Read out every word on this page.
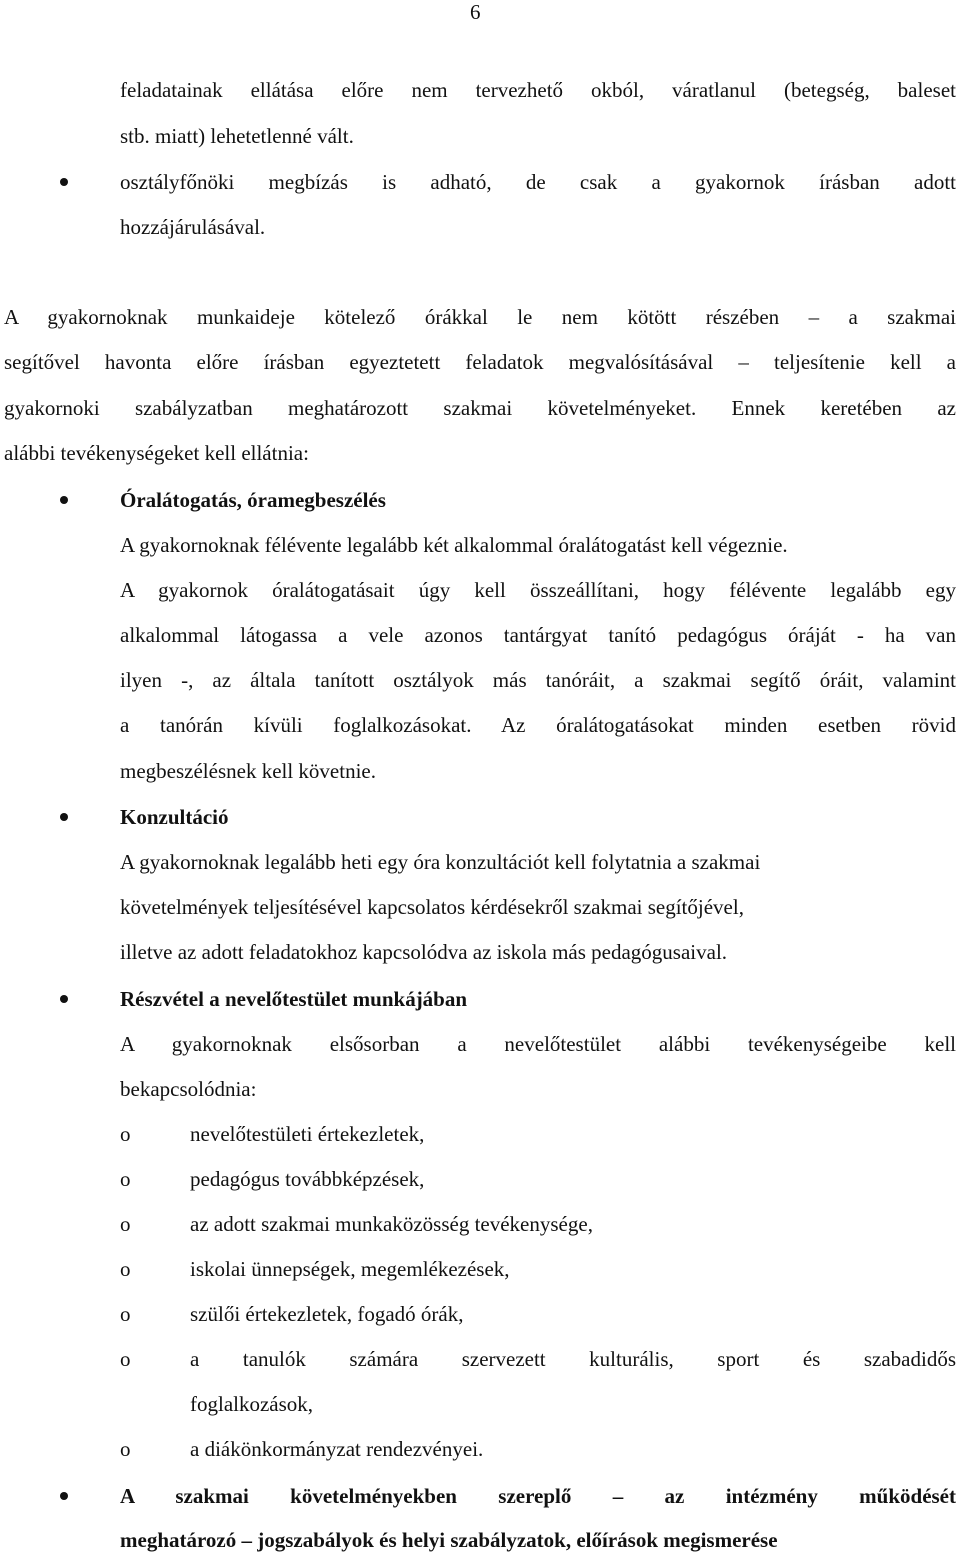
6
feladatainak ellátása előre nem tervezhető okból, váratlanul (betegség, baleset
stb. miatt) lehetetlenné vált.
osztályfőnöki megbízás is adható, de csak a gyakornok írásban adott
hozzájárulásával.
A gyakornoknak munkaideje kötelező órákkal le nem kötött részében – a szakmai
segítővel havonta előre írásban egyeztetett feladatok megvalósításával – teljesítenie kell a
gyakornoki szabályzatban meghatározott szakmai követelményeket. Ennek keretében az
alábbi tevékenységeket kell ellátnia:
Óralátogatás, óramegbeszélés
A gyakornoknak félévente legalább két alkalommal óralátogatást kell végeznie.
A gyakornok óralátogatásait úgy kell összeállítani, hogy félévente legalább egy
alkalommal látogassa a vele azonos tantárgyat tanító pedagógus óráját - ha van
ilyen -, az általa tanított osztályok más tanóráit, a szakmai segítő óráit, valamint
a tanórán kívüli foglalkozásokat. Az óralátogatásokat minden esetben rövid
megbeszélésnek kell követnie.
Konzultáció
A gyakornoknak legalább heti egy óra konzultációt kell folytatnia a szakmai
követelmények teljesítésével kapcsolatos kérdésekről szakmai segítőjével,
illetve az adott feladatokhoz kapcsolódva az iskola más pedagógusaival.
Részvétel a nevelőtestület munkájában
A gyakornoknak elsősorban a nevelőtestület alábbi tevékenységeibe kell
bekapcsolódnia:
o	nevelőtestületi értekezletek,
o	pedagógus továbbképzések,
o	az adott szakmai munkaközösség tevékenysége,
o	iskolai ünnepségek, megemlékezések,
o	szülői értekezletek, fogadó órák,
o	a tanulók számára szervezett kulturális, sport és szabadidős
foglalkozások,
o	a diákönkormányzat rendezvényei.
A szakmai követelményekben szereplő – az intézmény működését
meghatározó – jogszabályok és helyi szabályzatok, előírások megismerése
